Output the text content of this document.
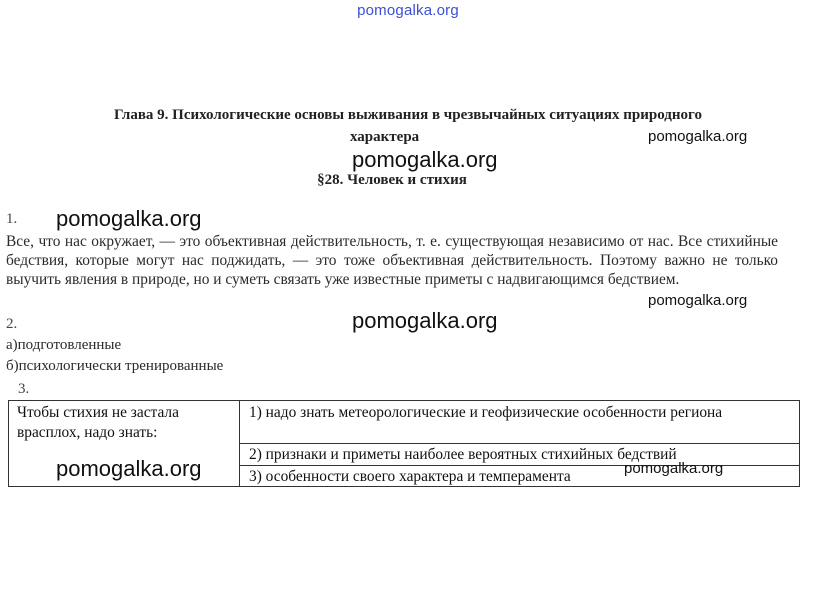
pomogalka.org
Глава 9. Психологические основы выживания в чрезвычайных ситуациях природного
характера
§28. Человек и стихия
1.
Все, что нас окружает, — это объективная действительность, т. е. существующая независимо от нас. Все стихийные бедствия, которые могут нас поджидать, — это тоже объективная действительность. Поэтому важно не только выучить явления в природе, но и суметь связать уже известные приметы с надвигающимся бедствием.
2.
а)подготовленные
б)психологически тренированные
3.
Чтобы стихия не застала врасплох, надо знать:
1) надо знать метеорологические и геофизические особенности региона
2) признаки и приметы наиболее вероятных стихийных бедствий
3) особенности своего характера и темперамента
pomogalka.org
pomogalka.org
pomogalka.org
pomogalka.org
pomogalka.org
pomogalka.org	pomogalka.org
